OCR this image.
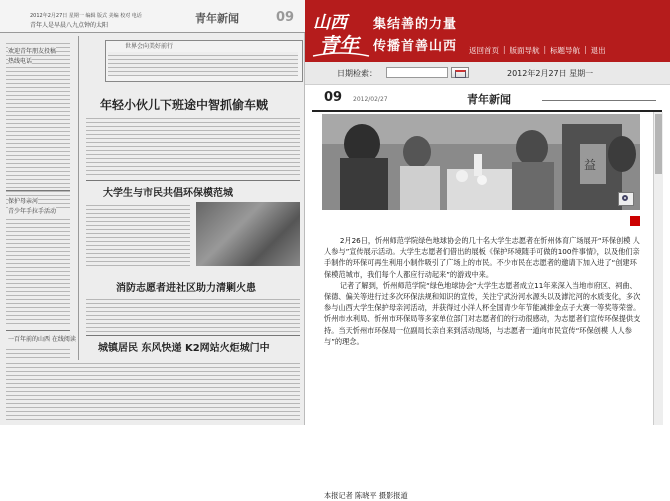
2012年2月27日 星期一 编辑 版式 美编 校对 电话
青年人是早晨八九点钟的太阳
青年新闻	09
欢迎青年朋友投稿
热线电话
保护母亲河
青少年手拉手活动
一百年前的山西 在线阅读
世界会向美好前行
年轻小伙儿下班途中智抓偷车贼
大学生与市民共倡环保模范城
消防志愿者进社区助力清剿火患
城镇居民 东风快递 K2网站火炬城门中
山西
青年
集结善的力量
传播首善山西 返回首页 | 版面导航 | 标题导航 | 退出
日期检索：	2012年2月27日 星期一
09 2012/02/27	青年新闻
益

2月26日，忻州师范学院绿色地球协会的几十名大学生志愿者在忻州体育广场展开“环保创模 人人参与”宣传展示活动。大学生志愿者们借出的展板《保护环境随手可做的100件事情》，以及他们亲手制作的环保可再生利用小制作吸引了广场上的市民。不少市民在志愿者的邀请下加入进了“创建环保模范城市，我们每个人都应行动起来”的游戏中来。

记者了解到，忻州师范学院“绿色地球协会”大学生志愿者成立11年来深入当地市府区、祠曲、保德、偏关等进行过多次环保法规和知识的宣传，关注宁武汾河水源头以及滹沱河的水质变化，多次参与山西大学生保护母亲河活动，并获得过小洋人杯全国青少年节能减排金点子大赛一等奖等荣誉。忻州市水利局、忻州市环保局等多家单位部门对志愿者们的行动很感动，为志愿者们宣传环保提供支持。当天忻州市环保局一位副局长亲自来到活动现场，与志愿者一道向市民宣传“环保创模 人人参与”的理念。

本报记者 陈晓平 摄影报道
